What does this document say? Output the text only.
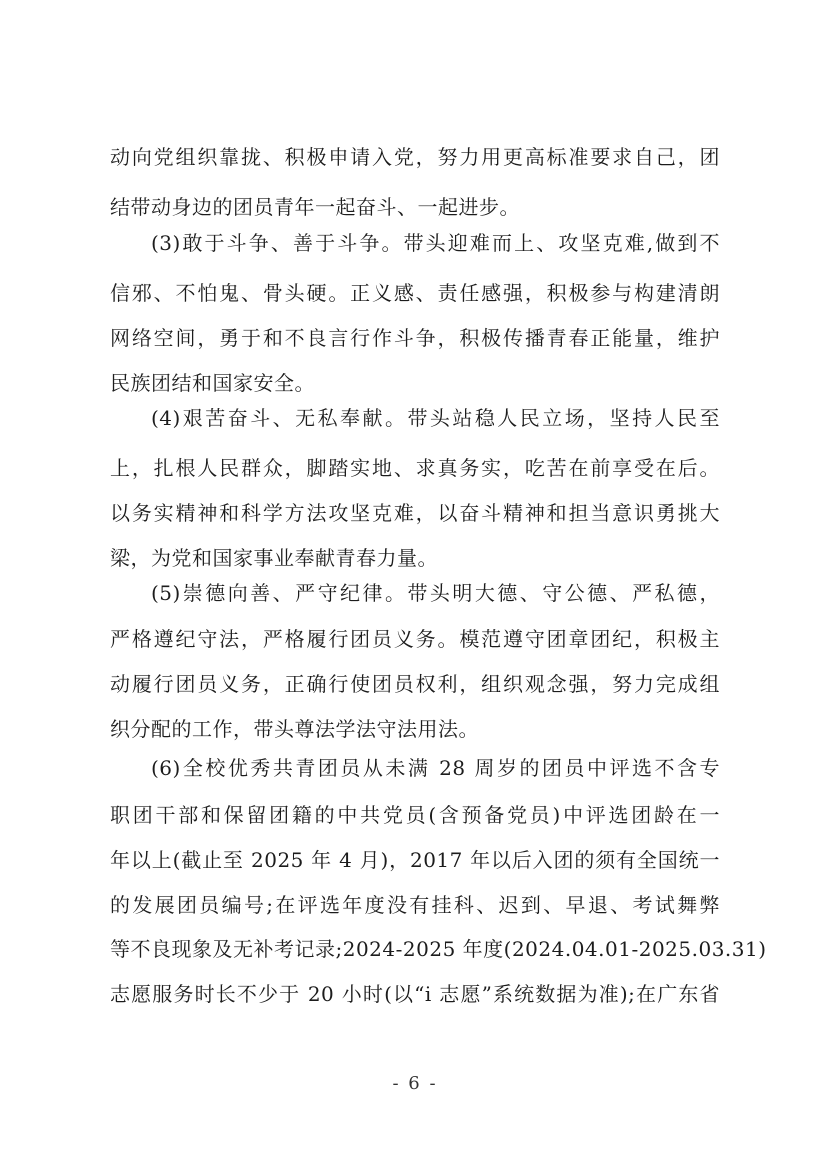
动向党组织靠拢、积极申请入党，努力用更高标准要求自己，团

结带动身边的团员青年一起奋斗、一起进步。

(3)敢于斗争、善于斗争。带头迎难而上、攻坚克难,做到不

信邪、不怕鬼、骨头硬。正义感、责任感强，积极参与构建清朗

网络空间，勇于和不良言行作斗争，积极传播青春正能量，维护

民族团结和国家安全。

(4)艰苦奋斗、无私奉献。带头站稳人民立场，坚持人民至

上，扎根人民群众，脚踏实地、求真务实，吃苦在前享受在后。

以务实精神和科学方法攻坚克难，以奋斗精神和担当意识勇挑大

梁，为党和国家事业奉献青春力量。

(5)崇德向善、严守纪律。带头明大德、守公德、严私德，

严格遵纪守法，严格履行团员义务。模范遵守团章团纪，积极主

动履行团员义务，正确行使团员权利，组织观念强，努力完成组

织分配的工作，带头尊法学法守法用法。

(6)全校优秀共青团员从未满 28 周岁的团员中评选不含专

职团干部和保留团籍的中共党员(含预备党员)中评选团龄在一

年以上(截止至 2025 年 4 月)，2017 年以后入团的须有全国统一

的发展团员编号;在评选年度没有挂科、迟到、早退、考试舞弊

等不良现象及无补考记录;2024-2025 年度(2024.04.01-2025.03.31)

志愿服务时长不少于 20 小时(以“i 志愿”系统数据为准);在广东省

- 6 -
